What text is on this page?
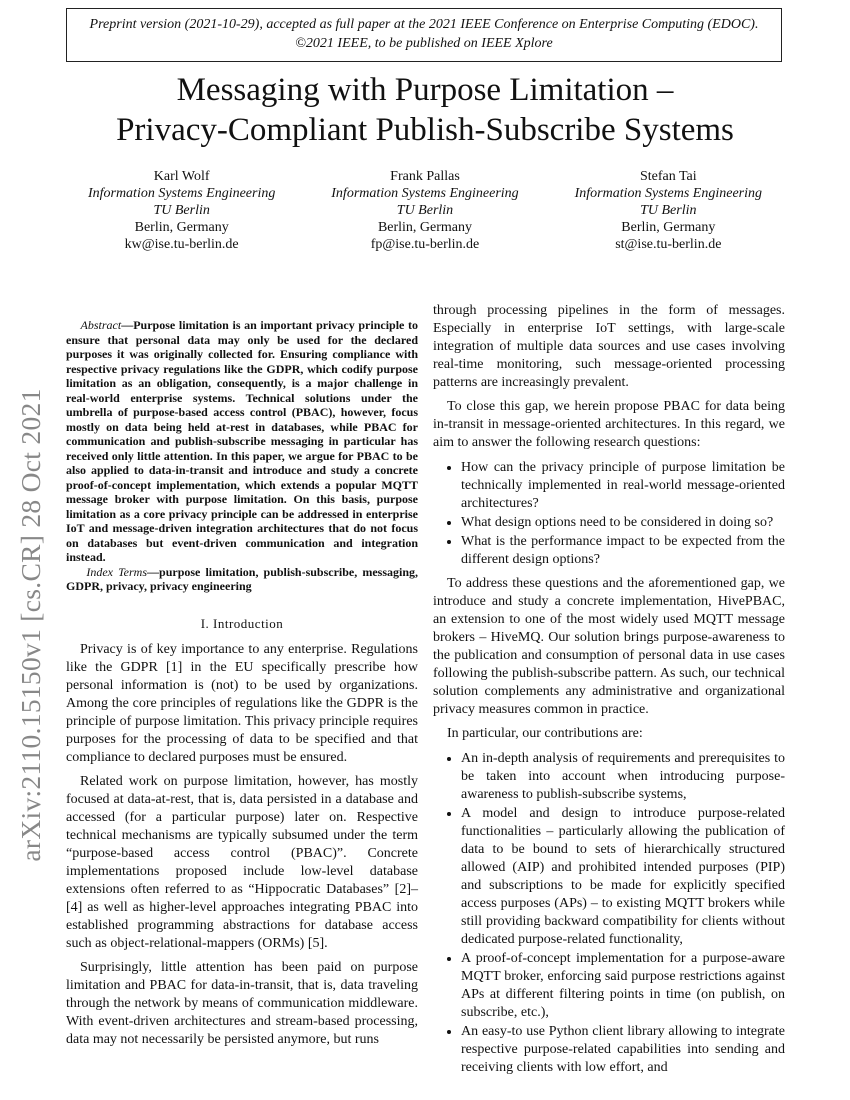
Preprint version (2021-10-29), accepted as full paper at the 2021 IEEE Conference on Enterprise Computing (EDOC).
©2021 IEEE, to be published on IEEE Xplore
Messaging with Purpose Limitation –
Privacy-Compliant Publish-Subscribe Systems
Karl Wolf
Information Systems Engineering
TU Berlin
Berlin, Germany
kw@ise.tu-berlin.de
Frank Pallas
Information Systems Engineering
TU Berlin
Berlin, Germany
fp@ise.tu-berlin.de
Stefan Tai
Information Systems Engineering
TU Berlin
Berlin, Germany
st@ise.tu-berlin.de
arXiv:2110.15150v1 [cs.CR] 28 Oct 2021
Abstract—Purpose limitation is an important privacy principle to ensure that personal data may only be used for the declared purposes it was originally collected for. Ensuring compliance with respective privacy regulations like the GDPR, which codify purpose limitation as an obligation, consequently, is a major challenge in real-world enterprise systems. Technical solutions under the umbrella of purpose-based access control (PBAC), however, focus mostly on data being held at-rest in databases, while PBAC for communication and publish-subscribe messaging in particular has received only little attention. In this paper, we argue for PBAC to be also applied to data-in-transit and introduce and study a concrete proof-of-concept implementation, which extends a popular MQTT message broker with purpose limitation. On this basis, purpose limitation as a core privacy principle can be addressed in enterprise IoT and message-driven integration architectures that do not focus on databases but event-driven communication and integration instead.
Index Terms—purpose limitation, publish-subscribe, messaging, GDPR, privacy, privacy engineering
I. Introduction

Privacy is of key importance to any enterprise. Regulations like the GDPR [1] in the EU specifically prescribe how personal information is (not) to be used by organizations. Among the core principles of regulations like the GDPR is the principle of purpose limitation. This privacy principle requires purposes for the processing of data to be specified and that compliance to declared purposes must be ensured.

Related work on purpose limitation, however, has mostly focused at data-at-rest, that is, data persisted in a database and accessed (for a particular purpose) later on. Respective technical mechanisms are typically subsumed under the term “purpose-based access control (PBAC)”. Concrete implementations proposed include low-level database extensions often referred to as “Hippocratic Databases” [2]–[4] as well as higher-level approaches integrating PBAC into established programming abstractions for database access such as object-relational-mappers (ORMs) [5].

Surprisingly, little attention has been paid on purpose limitation and PBAC for data-in-transit, that is, data traveling through the network by means of communication middleware. With event-driven architectures and stream-based processing, data may not necessarily be persisted anymore, but runs

through processing pipelines in the form of messages. Especially in enterprise IoT settings, with large-scale integration of multiple data sources and use cases involving real-time monitoring, such message-oriented processing patterns are increasingly prevalent.

To close this gap, we herein propose PBAC for data being in-transit in message-oriented architectures. In this regard, we aim to answer the following research questions:

• How can the privacy principle of purpose limitation be technically implemented in real-world message-oriented architectures?
• What design options need to be considered in doing so?
• What is the performance impact to be expected from the different design options?

To address these questions and the aforementioned gap, we introduce and study a concrete implementation, HivePBAC, an extension to one of the most widely used MQTT message brokers – HiveMQ. Our solution brings purpose-awareness to the publication and consumption of personal data in use cases following the publish-subscribe pattern. As such, our technical solution complements any administrative and organizational privacy measures common in practice.

In particular, our contributions are:

• An in-depth analysis of requirements and prerequisites to be taken into account when introducing purpose-awareness to publish-subscribe systems,
• A model and design to introduce purpose-related functionalities – particularly allowing the publication of data to be bound to sets of hierarchically structured allowed (AIP) and prohibited intended purposes (PIP) and subscriptions to be made for explicitly specified access purposes (APs) – to existing MQTT brokers while still providing backward compatibility for clients without dedicated purpose-related functionality,
• A proof-of-concept implementation for a purpose-aware MQTT broker, enforcing said purpose restrictions against APs at different filtering points in time (on publish, on subscribe, etc.),
• An easy-to use Python client library allowing to integrate respective purpose-related capabilities into sending and receiving clients with low effort, and
